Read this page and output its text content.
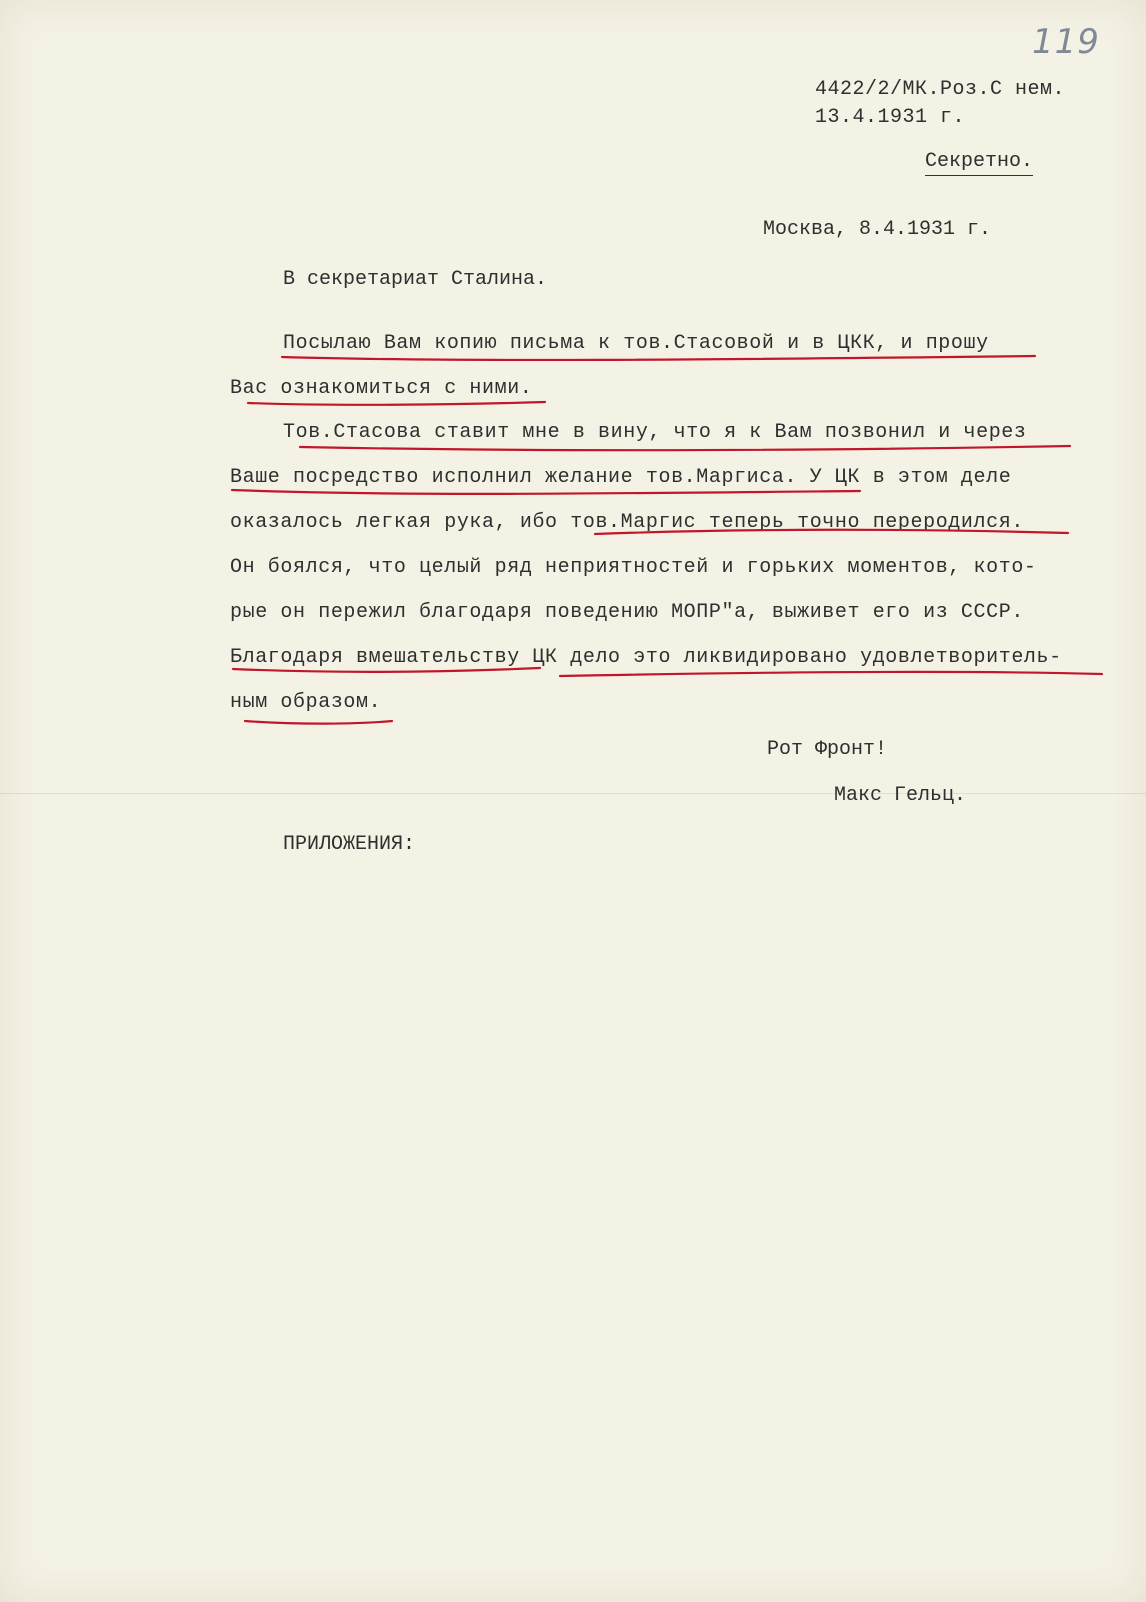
119
4422/2/МК.Роз.С нем.
13.4.1931 г.
Секретно.
Москва, 8.4.1931 г.
В секретариат Сталина.
Посылаю Вам копию письма к тов.Стасовой и в ЦКК, и прошу
Вас ознакомиться с ними.
Тов.Стасова ставит мне в вину, что я к Вам позвонил и через
Ваше посредство исполнил желание тов.Маргиса. У ЦК в этом деле
оказалось легкая рука, ибо тов.Маргис теперь точно переродился.
Он боялся, что целый ряд неприятностей и горьких моментов, кото-
рые он пережил благодаря поведению МОПР"а, выживет его из СССР.
Благодаря вмешательству ЦК дело это ликвидировано удовлетворитель-
ным образом.
Рот Фронт!
Макс Гельц.
ПРИЛОЖЕНИЯ:
